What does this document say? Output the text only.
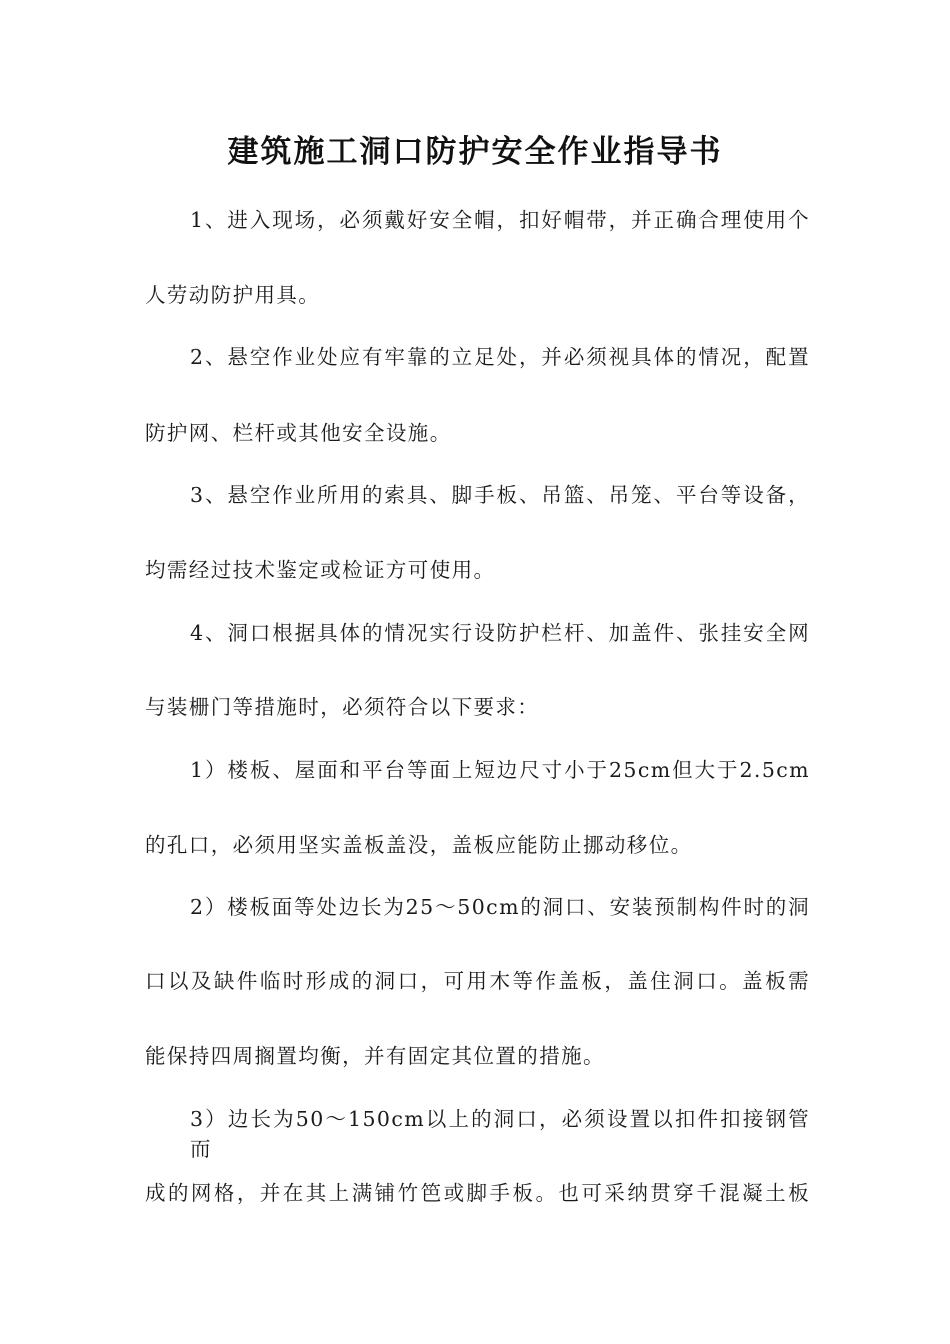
建筑施工洞口防护安全作业指导书
1、进入现场，必须戴好安全帽，扣好帽带，并正确合理使用个
人劳动防护用具。
2、悬空作业处应有牢靠的立足处，并必须视具体的情况，配置
防护网、栏杆或其他安全设施。
3、悬空作业所用的索具、脚手板、吊篮、吊笼、平台等设备，
均需经过技术鉴定或检证方可使用。
4、洞口根据具体的情况实行设防护栏杆、加盖件、张挂安全网
与装栅门等措施时，必须符合以下要求：
1）楼板、屋面和平台等面上短边尺寸小于25cm但大于2.5cm
的孔口，必须用坚实盖板盖没，盖板应能防止挪动移位。
2）楼板面等处边长为25～50cm的洞口、安装预制构件时的洞
口以及缺件临时形成的洞口，可用木等作盖板，盖住洞口。盖板需
能保持四周搁置均衡，并有固定其位置的措施。
3）边长为50～150cm以上的洞口，必须设置以扣件扣接钢管而
成的网格，并在其上满铺竹笆或脚手板。也可采纳贯穿千混凝土板
